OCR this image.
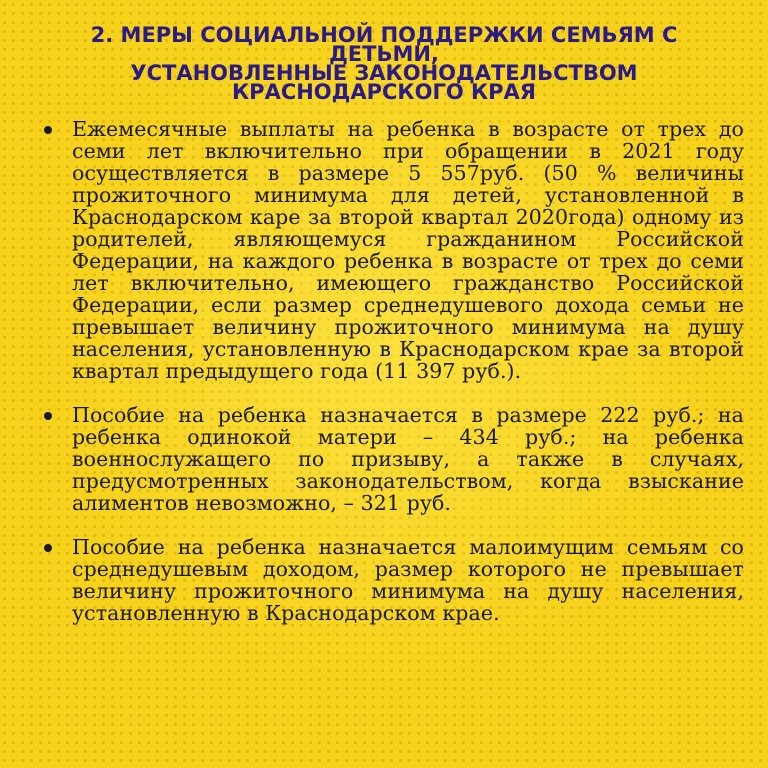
2. МЕРЫ СОЦИАЛЬНОЙ ПОДДЕРЖКИ СЕМЬЯМ С ДЕТЬМИ,
УСТАНОВЛЕННЫЕ ЗАКОНОДАТЕЛЬСТВОМ
КРАСНОДАРСКОГО КРАЯ
Ежемесячные выплаты на ребенка в возрасте от трех до семи лет включительно при обращении в 2021 году осуществляется в размере 5 557руб. (50 % величины прожиточного минимума для детей, установленной в Краснодарском каре за второй квартал 2020года) одному из родителей, являющемуся гражданином Российской Федерации, на каждого ребенка в возрасте от трех до семи лет включительно, имеющего гражданство Российской Федерации, если размер среднедушевого дохода семьи не превышает величину прожиточного минимума на душу населения, установленную в Краснодарском крае за второй квартал предыдущего года (11 397 руб.).
Пособие на ребенка назначается в размере 222 руб.; на ребенка одинокой матери – 434 руб.; на ребенка военнослужащего по призыву, а также в случаях, предусмотренных законодательством, когда взыскание алиментов невозможно, – 321 руб.
Пособие на ребенка назначается малоимущим семьям со среднедушевым доходом, размер которого не превышает величину прожиточного минимума на душу населения, установленную в Краснодарском крае.
